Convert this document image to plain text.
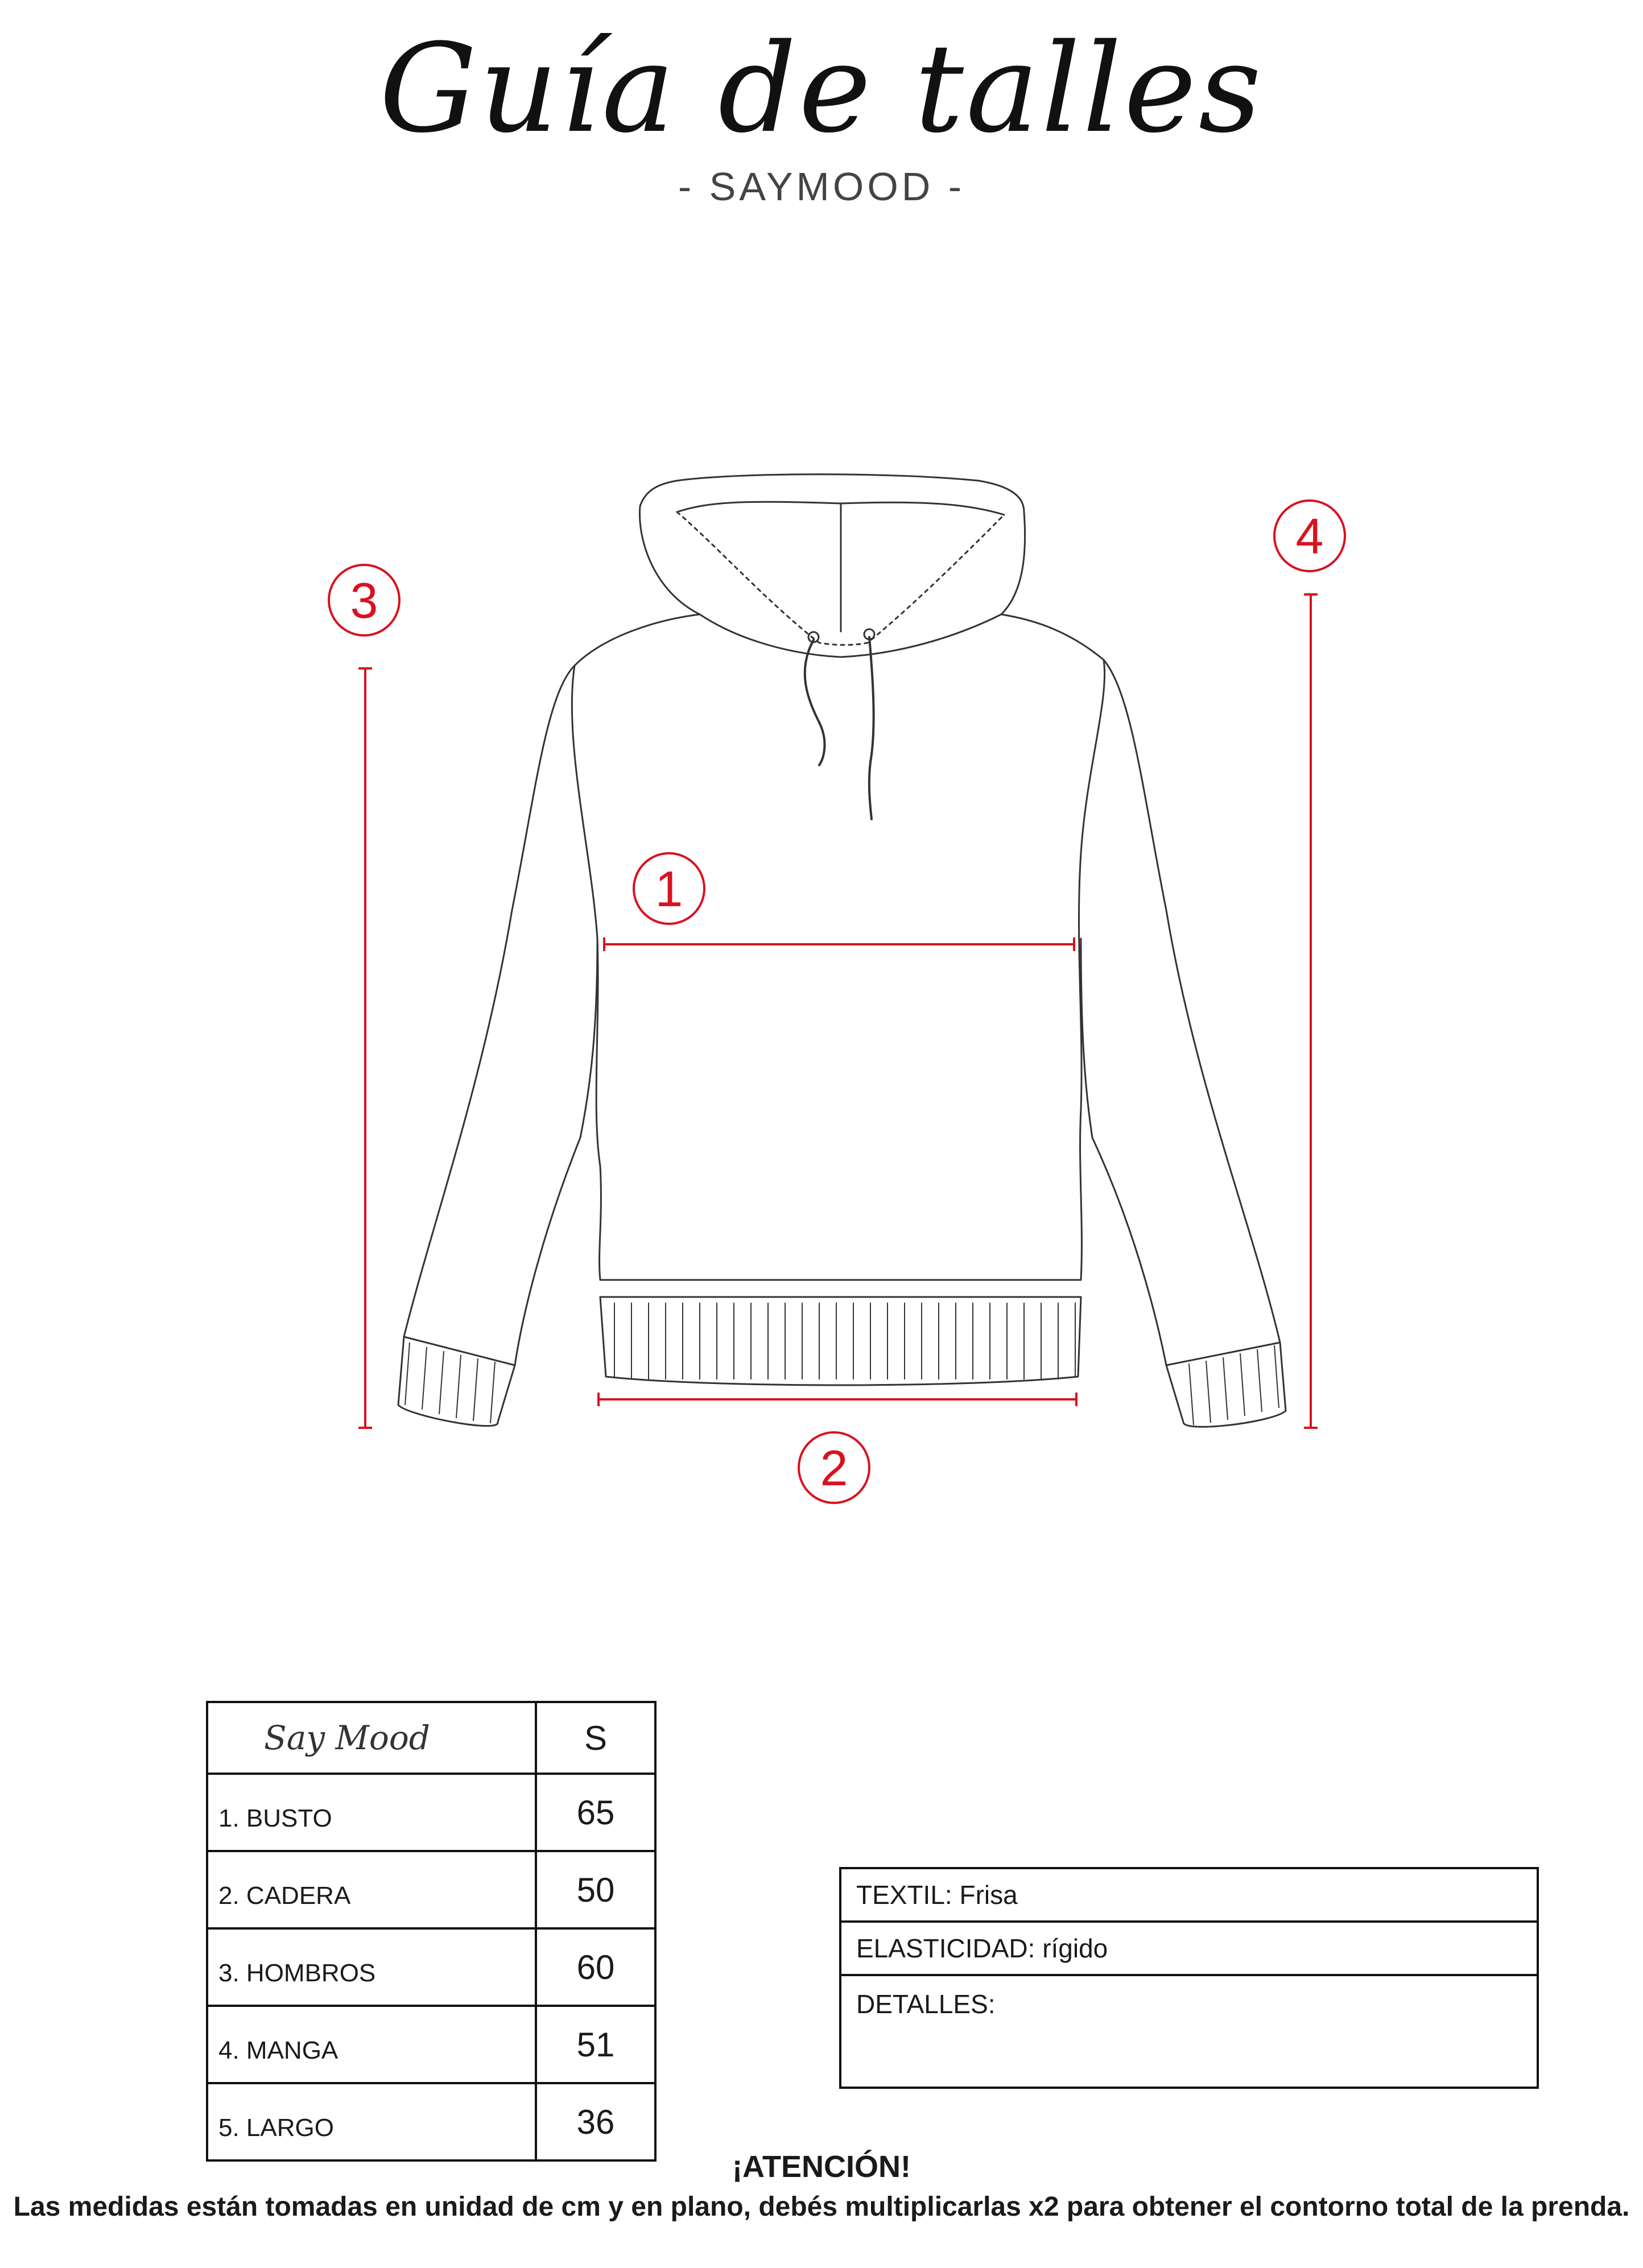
Guía de talles
- SAYMOOD -
1
2
3
4
Say Mood	S
1. BUSTO	65
2. CADERA	50
3. HOMBROS	60
4. MANGA	51
5. LARGO	36
TEXTIL: Frisa
ELASTICIDAD: rígido
DETALLES:
¡ATENCIÓN!
Las medidas están tomadas en unidad de cm y en plano, debés multiplicarlas x2 para obtener el contorno total de la prenda.
